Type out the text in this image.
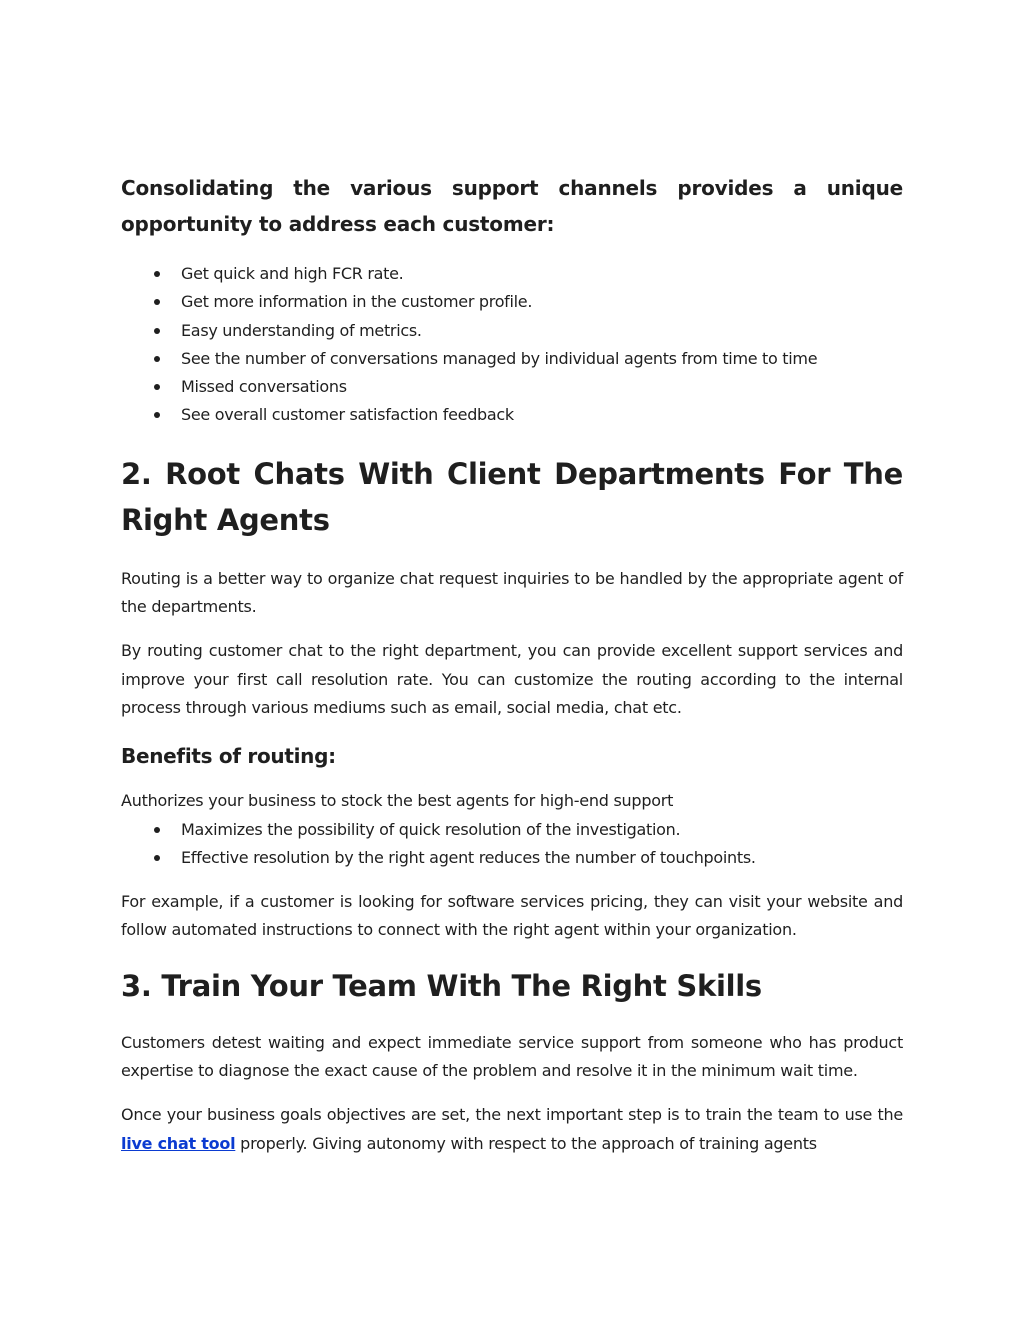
Consolidating the various support channels provides a unique opportunity to address each customer:

Get quick and high FCR rate.
Get more information in the customer profile.
Easy understanding of metrics.
See the number of conversations managed by individual agents from time to time
Missed conversations
See overall customer satisfaction feedback
2. Root Chats With Client Departments For The Right Agents

Routing is a better way to organize chat request inquiries to be handled by the appropriate agent of the departments.

By routing customer chat to the right department, you can provide excellent support services and improve your first call resolution rate. You can customize the routing according to the internal process through various mediums such as email, social media, chat etc.

Benefits of routing:

Authorizes your business to stock the best agents for high-end support

Maximizes the possibility of quick resolution of the investigation.
Effective resolution by the right agent reduces the number of touchpoints.

For example, if a customer is looking for software services pricing, they can visit your website and follow automated instructions to connect with the right agent within your organization.

3. Train Your Team With The Right Skills

Customers detest waiting and expect immediate service support from someone who has product expertise to diagnose the exact cause of the problem and resolve it in the minimum wait time.

Once your business goals objectives are set, the next important step is to train the team to use the live chat tool properly. Giving autonomy with respect to the approach of training agents
